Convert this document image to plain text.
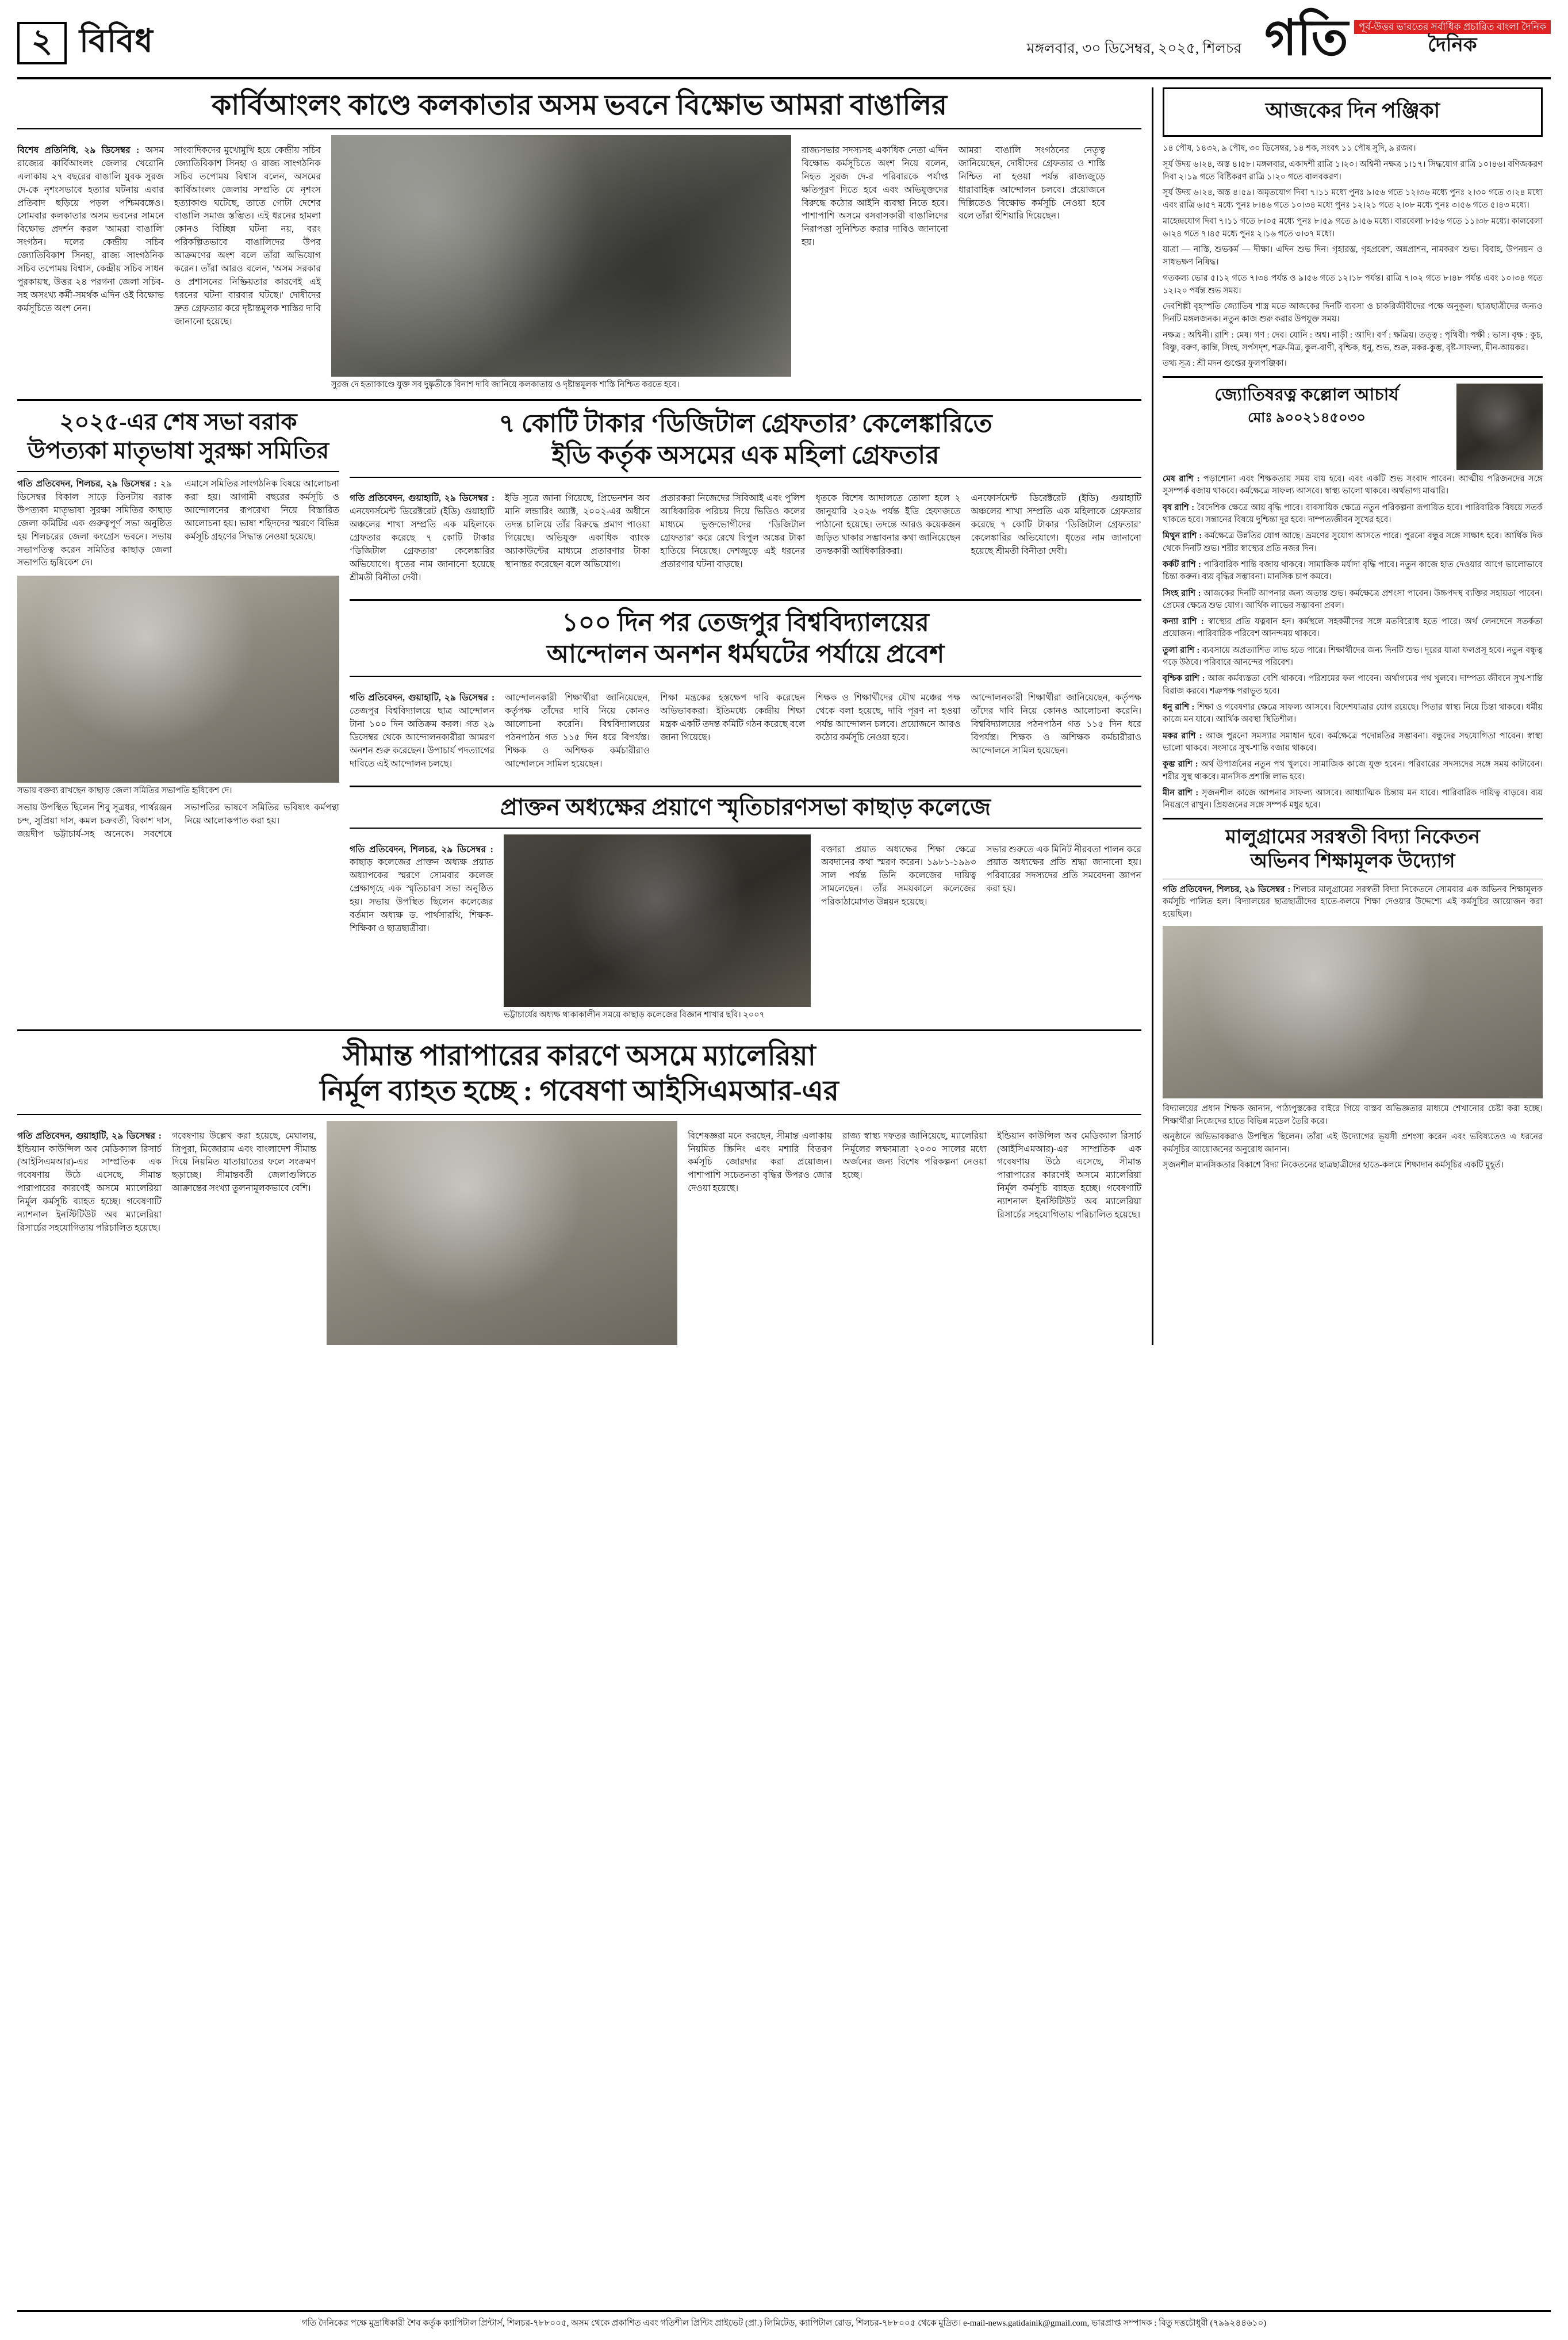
২ বিবিধ	মঙ্গলবার, ৩০ ডিসেম্বর, ২০২৫, শিলচর গতি	পূর্ব-উত্তর ভারতের সর্বাধিক প্রচারিত বাংলা দৈনিক
দৈনিক
কার্বিআংলং কাণ্ডে কলকাতার অসম ভবনে বিক্ষোভ আমরা বাঙালির

বিশেষ প্রতিনিধি, ২৯ ডিসেম্বর : অসম রাজ্যের কার্বিআংলং জেলার খেরোনি এলাকায় ২৭ বছরের বাঙালি যুবক সুরজ দে-কে নৃশংসভাবে হত্যার ঘটনায় এবার প্রতিবাদ ছড়িয়ে পড়ল পশ্চিমবঙ্গেও। সোমবার কলকাতার অসম ভবনের সামনে বিক্ষোভ প্রদর্শন করল 'আমরা বাঙালি' সংগঠন। দলের কেন্দ্রীয় সচিব জ্যোতিবিকাশ সিনহা, রাজ্য সাংগঠনিক সচিব তপোময় বিশ্বাস, কেন্দ্রীয় সচিব সাধন পুরকায়স্থ, উত্তর ২৪ পরগনা জেলা সচিব-সহ অসংখ্য কর্মী-সমর্থক এদিন ওই বিক্ষোভ কর্মসূচিতে অংশ নেন।

সাংবাদিকদের মুখোমুখি হয়ে কেন্দ্রীয় সচিব জ্যোতিবিকাশ সিনহা ও রাজ্য সাংগঠনিক সচিব তপোময় বিশ্বাস বলেন, অসমের কার্বিআংলং জেলায় সম্প্রতি যে নৃশংস হত্যাকাণ্ড ঘটেছে, তাতে গোটা দেশের বাঙালি সমাজ স্তম্ভিত। এই ধরনের হামলা কোনও বিচ্ছিন্ন ঘটনা নয়, বরং পরিকল্পিতভাবে বাঙালিদের উপর আক্রমণের অংশ বলে তাঁরা অভিযোগ করেন। তাঁরা আরও বলেন, 'অসম সরকার ও প্রশাসনের নিষ্ক্রিয়তার কারণেই এই ধরনের ঘটনা বারবার ঘটছে।' দোষীদের দ্রুত গ্রেফতার করে দৃষ্টান্তমূলক শাস্তির দাবি জানানো হয়েছে।

সুরজ দে হত্যাকাণ্ডে যুক্ত সব দুষ্কৃতীকে বিনাশ দাবি জানিয়ে কলকাতায় ও দৃষ্টান্তমূলক শাস্তি নিশ্চিত করতে হবে।

রাজ্যসভার সদস্যসহ একাধিক নেতা এদিন বিক্ষোভ কর্মসূচিতে অংশ নিয়ে বলেন, নিহত সুরজ দে-র পরিবারকে পর্যাপ্ত ক্ষতিপূরণ দিতে হবে এবং অভিযুক্তদের বিরুদ্ধে কঠোর আইনি ব্যবস্থা নিতে হবে। পাশাপাশি অসমে বসবাসকারী বাঙালিদের নিরাপত্তা সুনিশ্চিত করার দাবিও জানানো হয়।

আমরা বাঙালি সংগঠনের নেতৃত্ব জানিয়েছেন, দোষীদের গ্রেফতার ও শাস্তি নিশ্চিত না হওয়া পর্যন্ত রাজ্যজুড়ে ধারাবাহিক আন্দোলন চলবে। প্রয়োজনে দিল্লিতেও বিক্ষোভ কর্মসূচি নেওয়া হবে বলে তাঁরা হুঁশিয়ারি দিয়েছেন।

২০২৫-এর শেষ সভা বরাক উপত্যকা মাতৃভাষা সুরক্ষা সমিতির

গতি প্রতিবেদন, শিলচর, ২৯ ডিসেম্বর : ২৯ ডিসেম্বর বিকাল সাড়ে তিনটায় বরাক উপত্যকা মাতৃভাষা সুরক্ষা সমিতির কাছাড় জেলা কমিটির এক গুরুত্বপূর্ণ সভা অনুষ্ঠিত হয় শিলচরের জেলা কংগ্রেস ভবনে। সভায় সভাপতিত্ব করেন সমিতির কাছাড় জেলা সভাপতি হৃষিকেশ দে।

এমাসে সমিতির সাংগঠনিক বিষয়ে আলোচনা করা হয়। আগামী বছরের কর্মসূচি ও আন্দোলনের রূপরেখা নিয়ে বিস্তারিত আলোচনা হয়। ভাষা শহিদদের স্মরণে বিভিন্ন কর্মসূচি গ্রহণের সিদ্ধান্ত নেওয়া হয়েছে।

সভায় বক্তব্য রাখছেন কাছাড় জেলা সমিতির সভাপতি হৃষিকেশ দে।

সভায় উপস্থিত ছিলেন শিবু সূত্রধর, পার্থরঞ্জন চন্দ, সুপ্রিয়া দাস, কমল চক্রবর্তী, বিকাশ দাস, জয়দীপ ভট্টাচার্য-সহ অনেকে। সবশেষে সভাপতির ভাষণে সমিতির ভবিষ্যৎ কর্মপন্থা নিয়ে আলোকপাত করা হয়।

৭ কোটি টাকার ‘ডিজিটাল গ্রেফতার’ কেলেঙ্কারিতে
ইডি কর্তৃক অসমের এক মহিলা গ্রেফতার

গতি প্রতিবেদন, গুয়াহাটি, ২৯ ডিসেম্বর : এনফোর্সমেন্ট ডিরেক্টরেট (ইডি) গুয়াহাটি অঞ্চলের শাখা সম্প্রতি এক মহিলাকে গ্রেফতার করেছে ৭ কোটি টাকার ‘ডিজিটাল গ্রেফতার’ কেলেঙ্কারির অভিযোগে। ধৃতের নাম জানানো হয়েছে শ্রীমতী বিনীতা দেবী।

ইডি সূত্রে জানা গিয়েছে, প্রিভেনশন অব মানি লন্ডারিং অ্যাক্ট, ২০০২-এর অধীনে তদন্ত চালিয়ে তাঁর বিরুদ্ধে প্রমাণ পাওয়া গিয়েছে। অভিযুক্ত একাধিক ব্যাংক অ্যাকাউন্টের মাধ্যমে প্রতারণার টাকা স্থানান্তর করেছেন বলে অভিযোগ।

প্রতারকরা নিজেদের সিবিআই এবং পুলিশ আধিকারিক পরিচয় দিয়ে ভিডিও কলের মাধ্যমে ভুক্তভোগীদের ‘ডিজিটাল গ্রেফতার’ করে রেখে বিপুল অঙ্কের টাকা হাতিয়ে নিয়েছে। দেশজুড়ে এই ধরনের প্রতারণার ঘটনা বাড়ছে।

ধৃতকে বিশেষ আদালতে তোলা হলে ২ জানুয়ারি ২০২৬ পর্যন্ত ইডি হেফাজতে পাঠানো হয়েছে। তদন্তে আরও কয়েকজন জড়িত থাকার সম্ভাবনার কথা জানিয়েছেন তদন্তকারী আধিকারিকরা।

এনফোর্সমেন্ট ডিরেক্টরেট (ইডি) গুয়াহাটি অঞ্চলের শাখা সম্প্রতি এক মহিলাকে গ্রেফতার করেছে ৭ কোটি টাকার ‘ডিজিটাল গ্রেফতার’ কেলেঙ্কারির অভিযোগে। ধৃতের নাম জানানো হয়েছে শ্রীমতী বিনীতা দেবী।

১০০ দিন পর তেজপুর বিশ্ববিদ্যালয়ের
আন্দোলন অনশন ধর্মঘটের পর্যায়ে প্রবেশ

গতি প্রতিবেদন, গুয়াহাটি, ২৯ ডিসেম্বর : তেজপুর বিশ্ববিদ্যালয়ে ছাত্র আন্দোলন টানা ১০০ দিন অতিক্রম করল। গত ২৯ ডিসেম্বর থেকে আন্দোলনকারীরা আমরণ অনশন শুরু করেছেন। উপাচার্য পদত্যাগের দাবিতে এই আন্দোলন চলছে।

আন্দোলনকারী শিক্ষার্থীরা জানিয়েছেন, কর্তৃপক্ষ তাঁদের দাবি নিয়ে কোনও আলোচনা করেনি। বিশ্ববিদ্যালয়ের পঠনপাঠন গত ১১৫ দিন ধরে বিপর্যস্ত। শিক্ষক ও অশিক্ষক কর্মচারীরাও আন্দোলনে সামিল হয়েছেন।

শিক্ষা মন্ত্রকের হস্তক্ষেপ দাবি করেছেন অভিভাবকরা। ইতিমধ্যে কেন্দ্রীয় শিক্ষা মন্ত্রক একটি তদন্ত কমিটি গঠন করেছে বলে জানা গিয়েছে।

শিক্ষক ও শিক্ষার্থীদের যৌথ মঞ্চের পক্ষ থেকে বলা হয়েছে, দাবি পূরণ না হওয়া পর্যন্ত আন্দোলন চলবে। প্রয়োজনে আরও কঠোর কর্মসূচি নেওয়া হবে।

আন্দোলনকারী শিক্ষার্থীরা জানিয়েছেন, কর্তৃপক্ষ তাঁদের দাবি নিয়ে কোনও আলোচনা করেনি। বিশ্ববিদ্যালয়ের পঠনপাঠন গত ১১৫ দিন ধরে বিপর্যস্ত। শিক্ষক ও অশিক্ষক কর্মচারীরাও আন্দোলনে সামিল হয়েছেন।

প্রাক্তন অধ্যক্ষের প্রয়াণে স্মৃতিচারণসভা কাছাড় কলেজে

গতি প্রতিবেদন, শিলচর, ২৯ ডিসেম্বর : কাছাড় কলেজের প্রাক্তন অধ্যক্ষ প্রয়াত অধ্যাপকের স্মরণে সোমবার কলেজ প্রেক্ষাগৃহে এক স্মৃতিচারণ সভা অনুষ্ঠিত হয়। সভায় উপস্থিত ছিলেন কলেজের বর্তমান অধ্যক্ষ ড. পার্থসারথি, শিক্ষক-শিক্ষিকা ও ছাত্রছাত্রীরা।

ভট্টাচার্যের অধ্যক্ষ থাকাকালীন সময়ে কাছাড় কলেজের বিজ্ঞান শাখার ছবি। ২০০৭

বক্তারা প্রয়াত অধ্যক্ষের শিক্ষা ক্ষেত্রে অবদানের কথা স্মরণ করেন। ১৯৮১-১৯৯৩ সাল পর্যন্ত তিনি কলেজের দায়িত্ব সামলেছেন। তাঁর সময়কালে কলেজের পরিকাঠামোগত উন্নয়ন হয়েছে।

সভার শুরুতে এক মিনিট নীরবতা পালন করে প্রয়াত অধ্যক্ষের প্রতি শ্রদ্ধা জানানো হয়। পরিবারের সদস্যদের প্রতি সমবেদনা জ্ঞাপন করা হয়।

সীমান্ত পারাপারের কারণে অসমে ম্যালেরিয়া
নির্মূল ব্যাহত হচ্ছে : গবেষণা আইসিএমআর-এর

গতি প্রতিবেদন, গুয়াহাটি, ২৯ ডিসেম্বর : ইন্ডিয়ান কাউন্সিল অব মেডিক্যাল রিসার্চ (আইসিএমআর)-এর সাম্প্রতিক এক গবেষণায় উঠে এসেছে, সীমান্ত পারাপারের কারণেই অসমে ম্যালেরিয়া নির্মূল কর্মসূচি ব্যাহত হচ্ছে। গবেষণাটি ন্যাশনাল ইনস্টিটিউট অব ম্যালেরিয়া রিসার্চের সহযোগিতায় পরিচালিত হয়েছে।

গবেষণায় উল্লেখ করা হয়েছে, মেঘালয়, ত্রিপুরা, মিজোরাম এবং বাংলাদেশ সীমান্ত দিয়ে নিয়মিত যাতায়াতের ফলে সংক্রমণ ছড়াচ্ছে। সীমান্তবর্তী জেলাগুলিতে আক্রান্তের সংখ্যা তুলনামূলকভাবে বেশি।

বিশেষজ্ঞরা মনে করছেন, সীমান্ত এলাকায় নিয়মিত স্ক্রিনিং এবং মশারি বিতরণ কর্মসূচি জোরদার করা প্রয়োজন। পাশাপাশি সচেতনতা বৃদ্ধির উপরও জোর দেওয়া হয়েছে।

রাজ্য স্বাস্থ্য দফতর জানিয়েছে, ম্যালেরিয়া নির্মূলের লক্ষ্যমাত্রা ২০৩০ সালের মধ্যে অর্জনের জন্য বিশেষ পরিকল্পনা নেওয়া হচ্ছে।

ইন্ডিয়ান কাউন্সিল অব মেডিক্যাল রিসার্চ (আইসিএমআর)-এর সাম্প্রতিক এক গবেষণায় উঠে এসেছে, সীমান্ত পারাপারের কারণেই অসমে ম্যালেরিয়া নির্মূল কর্মসূচি ব্যাহত হচ্ছে। গবেষণাটি ন্যাশনাল ইনস্টিটিউট অব ম্যালেরিয়া রিসার্চের সহযোগিতায় পরিচালিত হয়েছে।

আজকের দিন পঞ্জিকা

১৪ পৌষ, ১৪৩২, ৯ পৌষ, ৩০ ডিসেম্বর, ১৪ শক, সংবৎ ১১ পৌষ সুদি, ৯ রজব।

সূর্য উদয় ৬।২৪, অস্ত ৪।৫৮। মঙ্গলবার, একাদশী রাত্রি ১।২০। অশ্বিনী নক্ষত্র ১।১৭। সিদ্ধযোগ রাত্রি ১০।৪৬। বণিজকরণ দিবা ২।১৯ গতে বিষ্টিকরণ রাত্রি ১।২০ গতে বালবকরণ।

সূর্য উদয় ৬।২৪, অস্ত ৪।৫৯। অমৃতযোগ দিবা ৭।১১ মধ্যে পুনঃ ৯।৫৬ গতে ১২।৩৬ মধ্যে পুনঃ ২।৩০ গতে ৩।২৪ মধ্যে এবং রাত্রি ৬।৫৭ মধ্যে পুনঃ ৮।৪৬ গতে ১০।৩৪ মধ্যে পুনঃ ১২।২১ গতে ২।০৮ মধ্যে পুনঃ ৩।৫৬ গতে ৫।৪৩ মধ্যে।

মাহেন্দ্রযোগ দিবা ৭।১১ গতে ৮।০৫ মধ্যে পুনঃ ৮।৫৯ গতে ৯।৫৬ মধ্যে। বারবেলা ৮।৫৬ গতে ১১।৩৮ মধ্যে। কালবেলা ৬।২৪ গতে ৭।৪৫ মধ্যে পুনঃ ২।১৬ গতে ৩।৩৭ মধ্যে।

যাত্রা — নাস্তি, শুভকর্ম — দীক্ষা। এদিন শুভ দিন। গৃহারম্ভ, গৃহপ্রবেশ, অন্নপ্রাশন, নামকরণ শুভ। বিবাহ, উপনয়ন ও সাধভক্ষণ নিষিদ্ধ।

গতকল্য ভোর ৫।১২ গতে ৭।৩৪ পর্যন্ত ও ৯।৫৬ গতে ১২।১৮ পর্যন্ত। রাত্রি ৭।০২ গতে ৮।৪৮ পর্যন্ত এবং ১০।৩৪ গতে ১২।২০ পর্যন্ত শুভ সময়।

দেবশিল্পী বৃহস্পতি জ্যোতিষ শাস্ত্র মতে আজকের দিনটি ব্যবসা ও চাকরিজীবীদের পক্ষে অনুকূল। ছাত্রছাত্রীদের জন্যও দিনটি মঙ্গলজনক। নতুন কাজ শুরু করার উপযুক্ত সময়।

নক্ষত্র : অশ্বিনী। রাশি : মেষ। গণ : দেব। যোনি : অশ্ব। নাড়ী : আদি। বর্ণ : ক্ষত্রিয়। তত্ত্ব : পৃথিবী। পক্ষী : ভাস। বৃক্ষ : কুচ, বিষ্ণু, বরুণ, কান্তি, সিংহ, সর্পসদৃশ, শত্রু-মিত্র, কুল-বাণী, বৃশ্চিক, ধনু, শুভ, শুক্র, মকর-কুম্ভ, বৃষ্ট-সাফল্য, মীন-আয়কর।

তথ্য সূত্র : শ্রী মদন গুপ্তের ফুলপঞ্জিকা।

জ্যোতিষরত্ন কল্লোল আচার্য
মোঃ ৯০০২১৪৫০৩০
মেষ রাশি : পড়াশোনা এবং শিক্ষকতায় সময় ব্যয় হবে। এবং একটি শুভ সংবাদ পাবেন। আত্মীয় পরিজনদের সঙ্গে সুসম্পর্ক বজায় থাকবে। কর্মক্ষেত্রে সাফল্য আসবে। স্বাস্থ্য ভালো থাকবে। অর্থভাগ্য মাঝারি।
বৃষ রাশি : বৈদেশিক ক্ষেত্রে আয় বৃদ্ধি পাবে। ব্যবসায়িক ক্ষেত্রে নতুন পরিকল্পনা রূপায়িত হবে। পারিবারিক বিষয়ে সতর্ক থাকতে হবে। সন্তানের বিষয়ে দুশ্চিন্তা দূর হবে। দাম্পত্যজীবন সুখের হবে।
মিথুন রাশি : কর্মক্ষেত্রে উন্নতির যোগ আছে। ভ্রমণের সুযোগ আসতে পারে। পুরনো বন্ধুর সঙ্গে সাক্ষাৎ হবে। আর্থিক দিক থেকে দিনটি শুভ। শরীর স্বাস্থ্যের প্রতি নজর দিন।
কর্কট রাশি : পারিবারিক শান্তি বজায় থাকবে। সামাজিক মর্যাদা বৃদ্ধি পাবে। নতুন কাজে হাত দেওয়ার আগে ভালোভাবে চিন্তা করুন। ব্যয় বৃদ্ধির সম্ভাবনা। মানসিক চাপ কমবে।
সিংহ রাশি : আজকের দিনটি আপনার জন্য অত্যন্ত শুভ। কর্মক্ষেত্রে প্রশংসা পাবেন। উচ্চপদস্থ ব্যক্তির সহায়তা পাবেন। প্রেমের ক্ষেত্রে শুভ যোগ। আর্থিক লাভের সম্ভাবনা প্রবল।
কন্যা রাশি : স্বাস্থ্যের প্রতি যত্নবান হন। কর্মস্থলে সহকর্মীদের সঙ্গে মতবিরোধ হতে পারে। অর্থ লেনদেনে সতর্কতা প্রয়োজন। পারিবারিক পরিবেশ আনন্দময় থাকবে।
তুলা রাশি : ব্যবসায়ে অপ্রত্যাশিত লাভ হতে পারে। শিক্ষার্থীদের জন্য দিনটি শুভ। দূরের যাত্রা ফলপ্রসূ হবে। নতুন বন্ধুত্ব গড়ে উঠবে। পরিবারে আনন্দের পরিবেশ।
বৃশ্চিক রাশি : আজ কর্মব্যস্ততা বেশি থাকবে। পরিশ্রমের ফল পাবেন। অর্থাগমের পথ খুলবে। দাম্পত্য জীবনে সুখ-শান্তি বিরাজ করবে। শত্রুপক্ষ পরাভূত হবে।
ধনু রাশি : শিক্ষা ও গবেষণার ক্ষেত্রে সাফল্য আসবে। বিদেশযাত্রার যোগ রয়েছে। পিতার স্বাস্থ্য নিয়ে চিন্তা থাকবে। ধর্মীয় কাজে মন যাবে। আর্থিক অবস্থা স্থিতিশীল।
মকর রাশি : আজ পুরনো সমস্যার সমাধান হবে। কর্মক্ষেত্রে পদোন্নতির সম্ভাবনা। বন্ধুদের সহযোগিতা পাবেন। স্বাস্থ্য ভালো থাকবে। সংসারে সুখ-শান্তি বজায় থাকবে।
কুম্ভ রাশি : অর্থ উপার্জনের নতুন পথ খুলবে। সামাজিক কাজে যুক্ত হবেন। পরিবারের সদস্যদের সঙ্গে সময় কাটাবেন। শরীর সুস্থ থাকবে। মানসিক প্রশান্তি লাভ হবে।
মীন রাশি : সৃজনশীল কাজে আপনার সাফল্য আসবে। আধ্যাত্মিক চিন্তায় মন যাবে। পারিবারিক দায়িত্ব বাড়বে। ব্যয় নিয়ন্ত্রণে রাখুন। প্রিয়জনের সঙ্গে সম্পর্ক মধুর হবে।
মালুগ্রামের সরস্বতী বিদ্যা নিকেতন
অভিনব শিক্ষামূলক উদ্যোগ

গতি প্রতিবেদন, শিলচর, ২৯ ডিসেম্বর : শিলচর মালুগ্রামের সরস্বতী বিদ্যা নিকেতনে সোমবার এক অভিনব শিক্ষামূলক কর্মসূচি পালিত হল। বিদ্যালয়ের ছাত্রছাত্রীদের হাতে-কলমে শিক্ষা দেওয়ার উদ্দেশ্যে এই কর্মসূচির আয়োজন করা হয়েছিল।

বিদ্যালয়ের প্রধান শিক্ষক জানান, পাঠ্যপুস্তকের বাইরে গিয়ে বাস্তব অভিজ্ঞতার মাধ্যমে শেখানোর চেষ্টা করা হচ্ছে। শিক্ষার্থীরা নিজেদের হাতে বিভিন্ন মডেল তৈরি করে।

অনুষ্ঠানে অভিভাবকরাও উপস্থিত ছিলেন। তাঁরা এই উদ্যোগের ভূয়সী প্রশংসা করেন এবং ভবিষ্যতেও এ ধরনের কর্মসূচির আয়োজনের অনুরোধ জানান।

সৃজনশীল মানসিকতার বিকাশে বিদ্যা নিকেতনের ছাত্রছাত্রীদের হাতে-কলমে শিক্ষাদান কর্মসূচির একটি মুহূর্ত।
গতি দৈনিকের পক্ষে মুদ্রাধিকারী শৈব কর্তৃক ক্যাপিটাল প্রিন্টার্স, শিলচর-৭৮৮০০৫, অসম থেকে প্রকাশিত এবং গতিশীল প্রিন্টিং প্রাইভেট (প্রা.) লিমিটেড, ক্যাপিটাল রোড, শিলচর-৭৮৮০০৫ থেকে মুদ্রিত। e-mail-news.gatidainik@gmail.com, ভারপ্রাপ্ত সম্পাদক : বিতু দত্তচৌধুরী (৭৯৯২৪৪৬১০)
